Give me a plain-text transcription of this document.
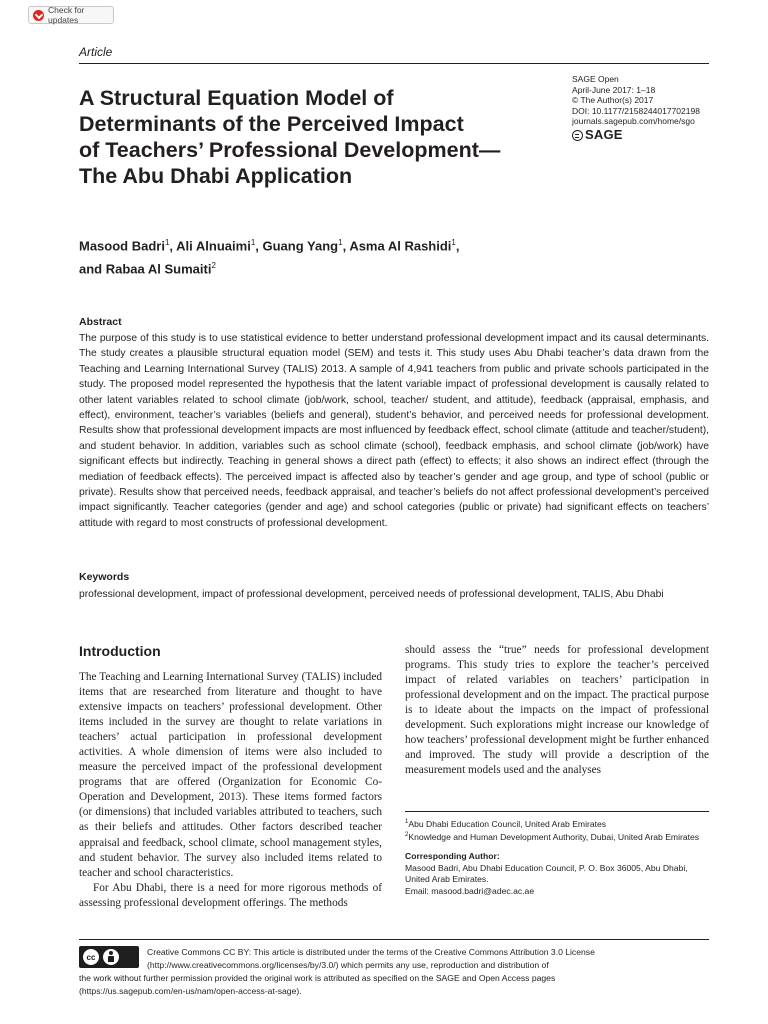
Check for updates
Article
A Structural Equation Model of
Determinants of the Perceived Impact
of Teachers’ Professional Development—
The Abu Dhabi Application
SAGE Open
April-June 2017: 1–18
© The Author(s) 2017
DOI: 10.1177/2158244017702198
journals.sagepub.com/home/sgo
SAGE
Masood Badri$^1$, Ali Alnuaimi$^1$, Guang Yang$^1$, Asma Al Rashidi$^1$,
and Rabaa Al Sumaiti$^2$
Abstract
The purpose of this study is to use statistical evidence to better understand professional development impact and its causal determinants. The study creates a plausible structural equation model (SEM) and tests it. This study uses Abu Dhabi teacher’s data drawn from the Teaching and Learning International Survey (TALIS) 2013. A sample of 4,941 teachers from public and private schools participated in the study. The proposed model represented the hypothesis that the latent variable impact of professional development is causally related to other latent variables related to school climate (job/work, school, teacher/ student, and attitude), feedback (appraisal, emphasis, and effect), environment, teacher’s variables (beliefs and general), student’s behavior, and perceived needs for professional development. Results show that professional development impacts are most influenced by feedback effect, school climate (attitude and teacher/student), and student behavior. In addition, variables such as school climate (school), feedback emphasis, and school climate (job/work) have significant effects but indirectly. Teaching in general shows a direct path (effect) to effects; it also shows an indirect effect (through the mediation of feedback effects). The perceived impact is affected also by teacher’s gender and age group, and type of school (public or private). Results show that perceived needs, feedback appraisal, and teacher’s beliefs do not affect professional development’s perceived impact significantly. Teacher categories (gender and age) and school categories (public or private) had significant effects on teachers’ attitude with regard to most constructs of professional development.
Keywords
professional development, impact of professional development, perceived needs of professional development, TALIS, Abu Dhabi
Introduction

The Teaching and Learning International Survey (TALIS) included items that are researched from literature and thought to have extensive impacts on teachers’ professional development. Other items included in the survey are thought to relate variations in teachers’ actual participation in professional development activities. A whole dimension of items were also included to measure the perceived impact of the professional development programs that are offered (Organization for Economic Co-Operation and Development, 2013). These items formed factors (or dimensions) that included variables attributed to teachers, such as their beliefs and attitudes. Other factors described teacher appraisal and feedback, school climate, school management styles, and student behavior. The survey also included items related to teacher and school characteristics.

For Abu Dhabi, there is a need for more rigorous methods of assessing professional development offerings. The methods

should assess the “true” needs for professional development programs. This study tries to explore the teacher’s perceived impact of related variables on teachers’ participation in professional development and on the impact. The practical purpose is to ideate about the impacts on the impact of professional development. Such explorations might increase our knowledge of how teachers’ professional development might be further enhanced and improved. The study will provide a description of the measurement models used and the analyses

$^1$Abu Dhabi Education Council, United Arab Emirates

$^2$Knowledge and Human Development Authority, Dubai, United Arab Emirates

Corresponding Author:

Masood Badri, Abu Dhabi Education Council, P. O. Box 36005, Abu Dhabi, United Arab Emirates.

Email: masood.badri@adec.ac.ae

cc	Creative Commons CC BY: This article is distributed under the terms of the Creative Commons Attribution 3.0 License
(http://www.creativecommons.org/licenses/by/3.0/) which permits any use, reproduction and distribution of
the work without further permission provided the original work is attributed as specified on the SAGE and Open Access pages
(https://us.sagepub.com/en-us/nam/open-access-at-sage).
